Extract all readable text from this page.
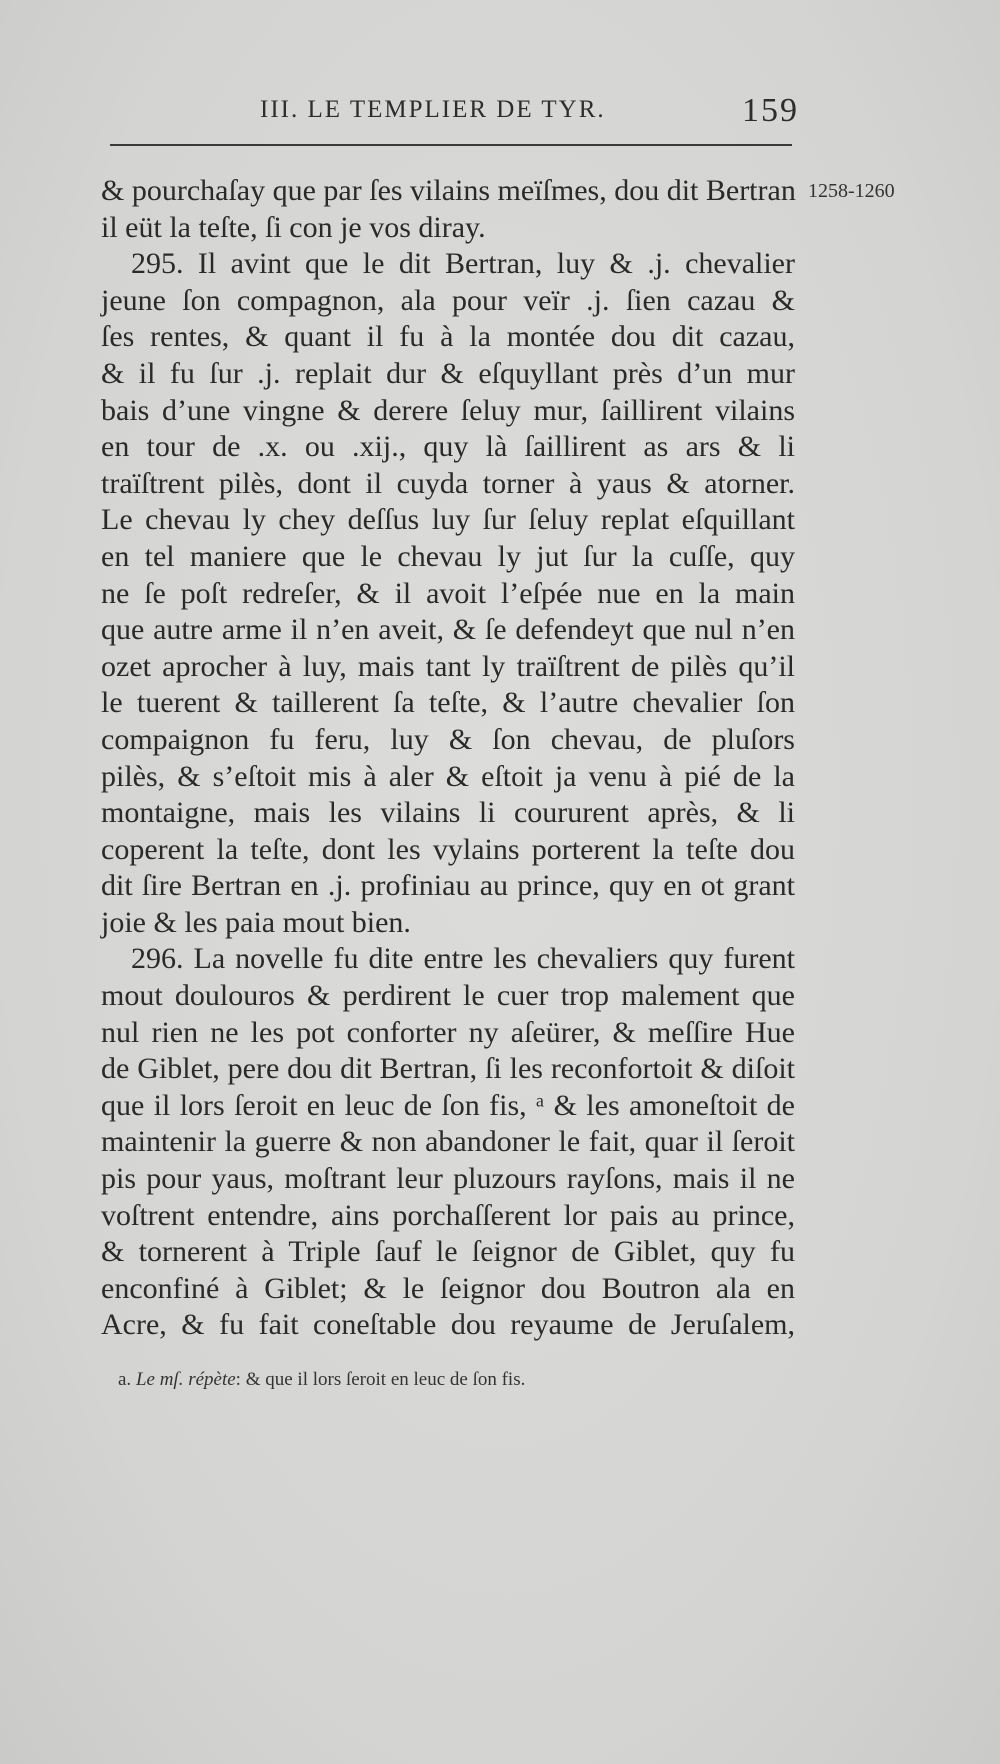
III. LE TEMPLIER DE TYR.	159
1258-1260
& pourchaſay que par ſes vilains meïſmes, dou dit Bertran
il eüt la teſte, ſi con je vos diray.
295. Il avint que le dit Bertran, luy & .j. chevalier
jeune ſon compagnon, ala pour veïr .j. ſien cazau &
ſes rentes, & quant il fu à la montée dou dit cazau,
& il fu ſur .j. replait dur & eſquyllant près d’un mur
bais d’une vingne & derere ſeluy mur, ſaillirent vilains
en tour de .x. ou .xij., quy là ſaillirent as ars & li
traïſtrent pilès, dont il cuyda torner à yaus & atorner.
Le chevau ly chey deſſus luy ſur ſeluy replat eſquillant
en tel maniere que le chevau ly jut ſur la cuſſe, quy
ne ſe poſt redreſer, & il avoit l’eſpée nue en la main
que autre arme il n’en aveit, & ſe defendeyt que nul n’en
ozet aprocher à luy, mais tant ly traïſtrent de pilès qu’il
le tuerent & taillerent ſa teſte, & l’autre chevalier ſon
compaignon fu feru, luy & ſon chevau, de pluſors
pilès, & s’eſtoit mis à aler & eſtoit ja venu à pié de la
montaigne, mais les vilains li coururent après, & li
coperent la teſte, dont les vylains porterent la teſte dou
dit ſire Bertran en .j. profiniau au prince, quy en ot grant
joie & les paia mout bien.
296. La novelle fu dite entre les chevaliers quy furent
mout doulouros & perdirent le cuer trop malement que
nul rien ne les pot conforter ny aſeürer, & meſſire Hue
de Giblet, pere dou dit Bertran, ſi les reconfortoit & diſoit
que il lors ſeroit en leuc de ſon fis, ᵃ & les amoneſtoit de
maintenir la guerre & non abandoner le fait, quar il ſeroit
pis pour yaus, moſtrant leur pluzours rayſons, mais il ne
voſtrent entendre, ains porchaſſerent lor pais au prince,
& tornerent à Triple ſauf le ſeignor de Giblet, quy fu
enconfiné à Giblet; & le ſeignor dou Boutron ala en
Acre, & fu fait coneſtable dou reyaume de Jeruſalem,
a. Le mſ. répète: & que il lors ſeroit en leuc de ſon fis.
